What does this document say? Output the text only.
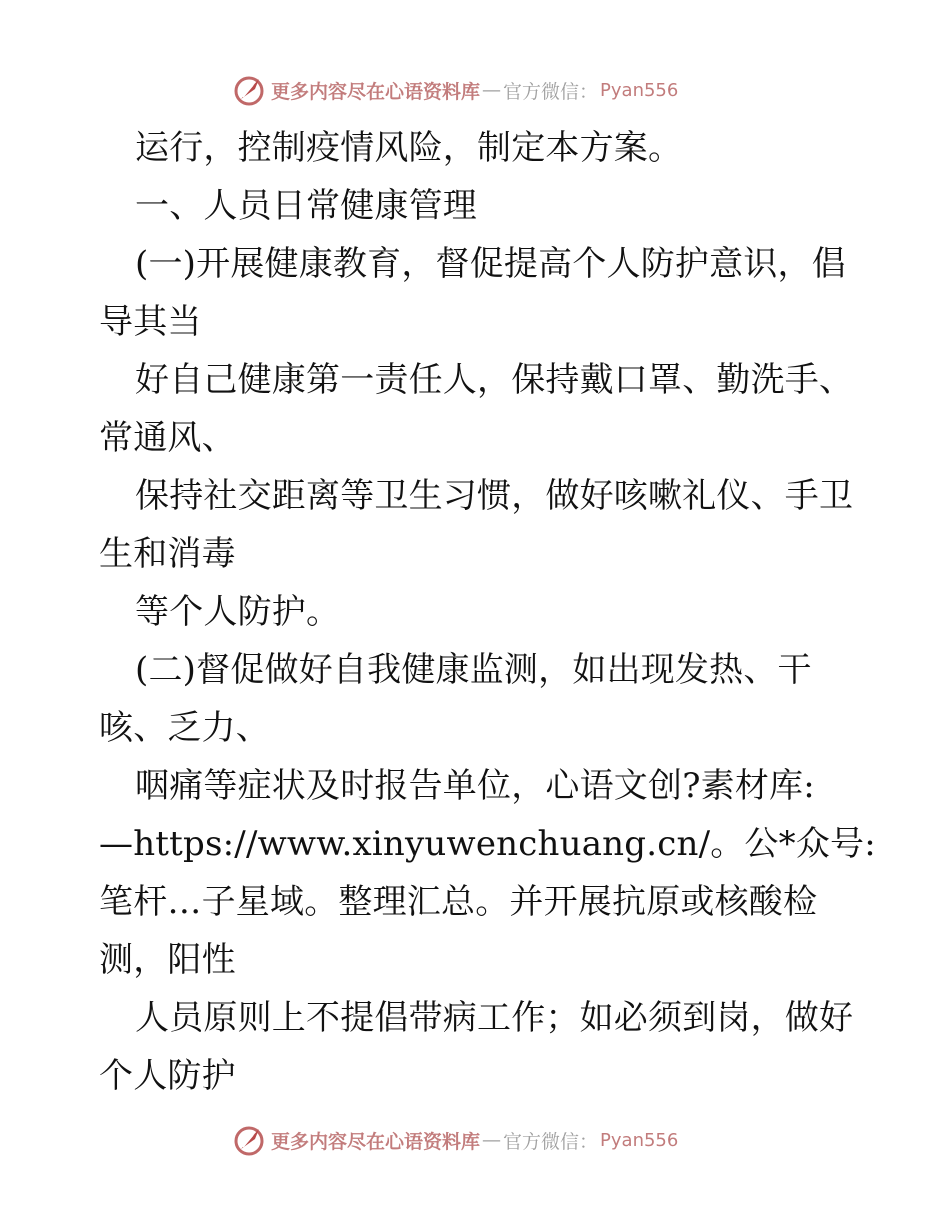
更多内容尽在心语资料库 — 官方微信： Pyan556
运行，控制疫情风险，制定本方案。
一、人员日常健康管理
(一)开展健康教育，督促提高个人防护意识，倡
导其当
好自己健康第一责任人，保持戴口罩、勤洗手、
常通风、
保持社交距离等卫生习惯，做好咳嗽礼仪、手卫
生和消毒
等个人防护。
(二)督促做好自我健康监测，如出现发热、干
咳、乏力、
咽痛等症状及时报告单位，心语文创?素材库:
—https://www.xinyuwenchuang.cn/。公*众号:
笔杆…子星域。整理汇总。并开展抗原或核酸检
测，阳性
人员原则上不提倡带病工作；如必须到岗，做好
个人防护
更多内容尽在心语资料库 — 官方微信： Pyan556
